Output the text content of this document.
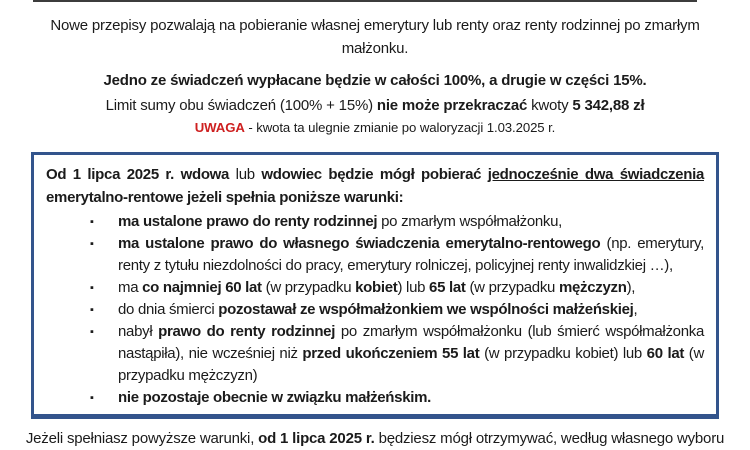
Nowe przepisy pozwalają na pobieranie własnej emerytury lub renty oraz renty rodzinnej po zmarłym małżonku.

Jedno ze świadczeń wypłacane będzie w całości 100%, a drugie w części 15%.

Limit sumy obu świadczeń (100% + 15%) nie może przekraczać kwoty 5 342,88 zł

UWAGA - kwota ta ulegnie zmianie po waloryzacji 1.03.2025 r.

Od 1 lipca 2025 r. wdowa lub wdowiec będzie mógł pobierać jednocześnie dwa świadczenia emerytalno-rentowe jeżeli spełnia poniższe warunki:

▪	ma ustalone prawo do renty rodzinnej po zmarłym współmałżonku,
▪	ma ustalone prawo do własnego świadczenia emerytalno-rentowego (np. emerytury, renty z tytułu niezdolności do pracy, emerytury rolniczej, policyjnej renty inwalidzkiej …),
▪	ma co najmniej 60 lat (w przypadku kobiet) lub 65 lat (w przypadku mężczyzn),
▪	do dnia śmierci pozostawał ze współmałżonkiem we wspólności małżeńskiej,
▪	nabył prawo do renty rodzinnej po zmarłym współmałżonku (lub śmierć współmałżonka nastąpiła), nie wcześniej niż przed ukończeniem 55 lat (w przypadku kobiet) lub 60 lat (w przypadku mężczyzn)
▪	nie pozostaje obecnie w związku małżeńskim.

Jeżeli spełniasz powyższe warunki, od 1 lipca 2025 r. będziesz mógł otrzymywać, według własnego wyboru
